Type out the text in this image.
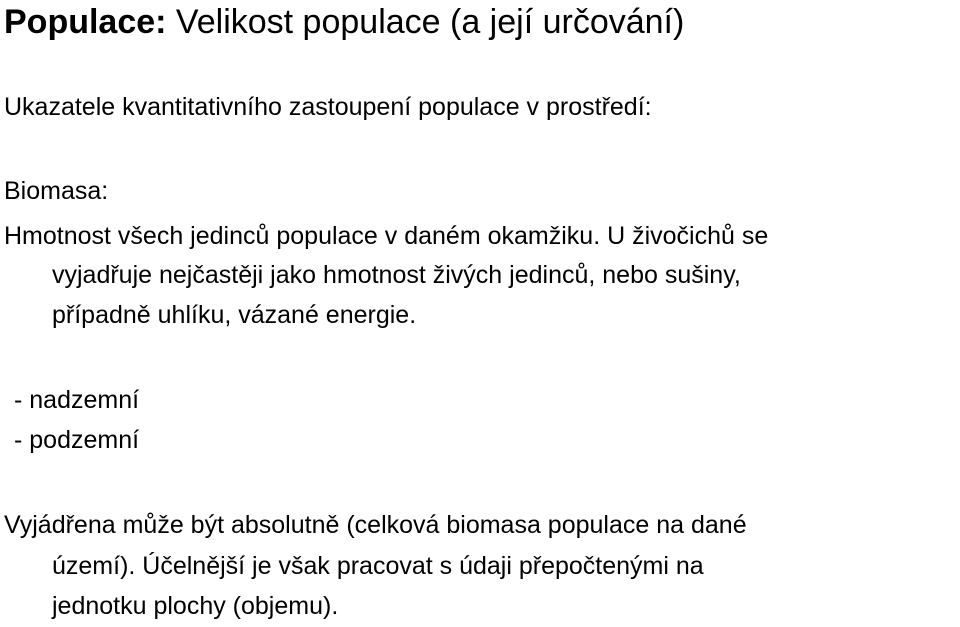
Populace: Velikost populace (a její určování)
Ukazatele kvantitativního zastoupení populace v prostředí:
Biomasa:
Hmotnost všech jedinců populace v daném okamžiku. U živočichů se
vyjadřuje nejčastěji jako hmotnost živých jedinců, nebo sušiny,
případně uhlíku, vázané energie.
- nadzemní
- podzemní
Vyjádřena může být absolutně (celková biomasa populace na dané
území). Účelnější je však pracovat s údaji přepočtenými na
jednotku plochy (objemu).
